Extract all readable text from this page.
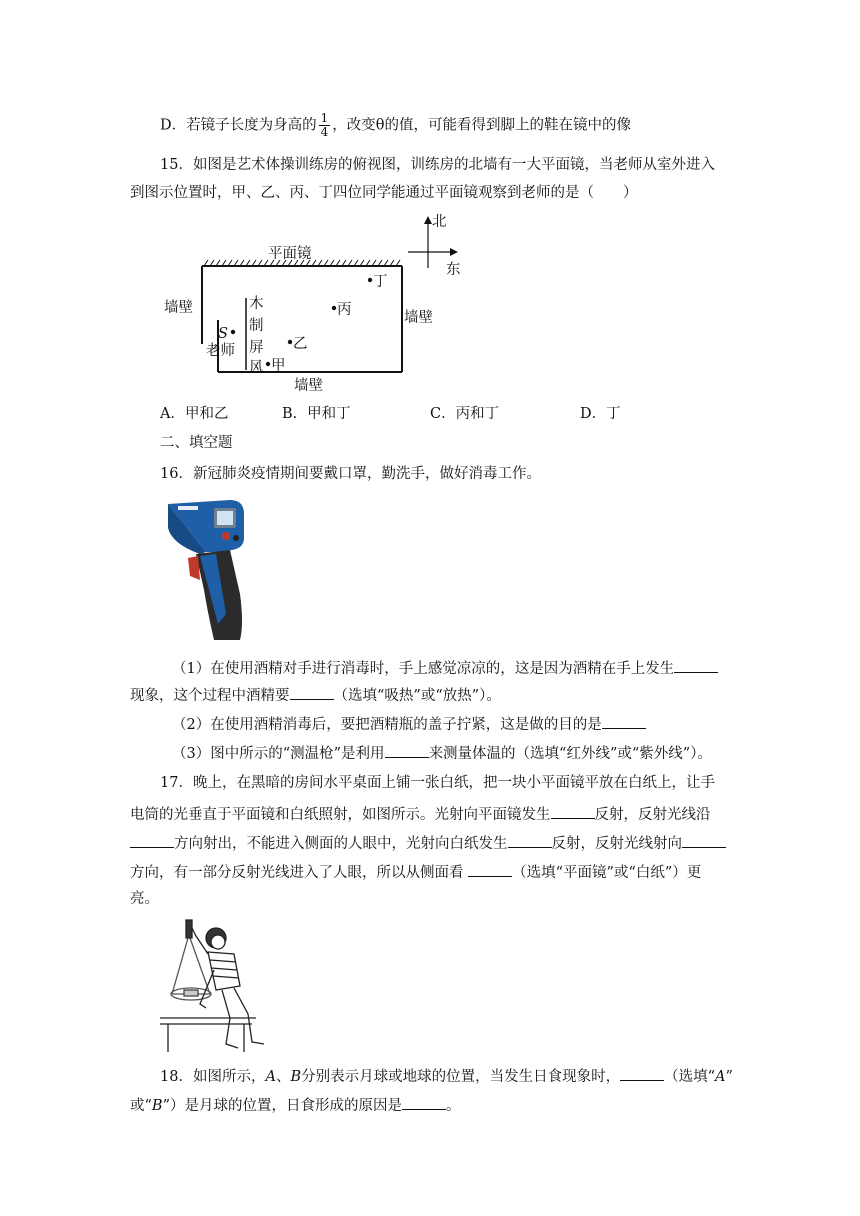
D．若镜子长度为身高的 $\frac{1}{4}$ ，改变θ的值，可能看得到脚上的鞋在镜中的像
15．如图是艺术体操训练房的俯视图，训练房的北墙有一大平面镜，当老师从室外进入
到图示位置时，甲、乙、丙、丁四位同学能通过平面镜观察到老师的是（　　）
北
东
平面镜
墙壁
墙壁
墙壁
木
制
屏
风
S
老师
甲
乙
丙
丁
A．甲和乙	B．甲和丁	C．丙和丁	D．丁
二、填空题
16．新冠肺炎疫情期间要戴口罩，勤洗手，做好消毒工作。
（1）在使用酒精对手进行消毒时，手上感觉凉凉的，这是因为酒精在手上发生
现象，这个过程中酒精要	（选填“吸热”或“放热”）。
（2）在使用酒精消毒后，要把酒精瓶的盖子拧紧，这是做的目的是
（3）图中所示的“测温枪”是利用	来测量体温的（选填“红外线”或“紫外线”）。
17．晚上，在黑暗的房间水平桌面上铺一张白纸，把一块小平面镜平放在白纸上，让手
电筒的光垂直于平面镜和白纸照射，如图所示。光射向平面镜发生	反射，反射光线沿
方向射出，不能进入侧面的人眼中，光射向白纸发生	反射，反射光线射向
方向，有一部分反射光线进入了人眼，所以从侧面看	（选填“平面镜”或“白纸”）更
亮。
18．如图所示，A、B分别表示月球或地球的位置，当发生日食现象时，	（选填“A”
或“B”）是月球的位置，日食形成的原因是	。
